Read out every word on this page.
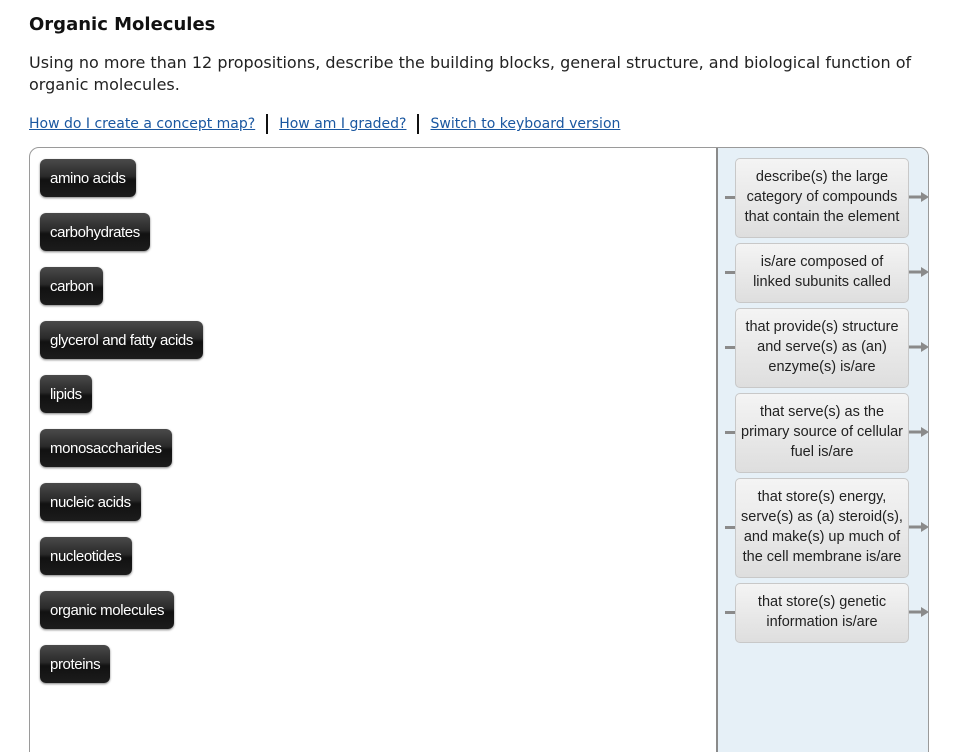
Organic Molecules
Using no more than 12 propositions, describe the building blocks, general structure, and biological function of organic molecules.
How do I create a concept map? How am I graded? Switch to keyboard version
amino acids
carbohydrates
carbon
glycerol and fatty acids
lipids
monosaccharides
nucleic acids
nucleotides
organic molecules
proteins
describe(s) the large category of compounds that contain the element
is/are composed of linked subunits called
that provide(s) structure and serve(s) as (an) enzyme(s) is/are
that serve(s) as the primary source of cellular fuel is/are
that store(s) energy, serve(s) as (a) steroid(s), and make(s) up much of the cell membrane is/are
that store(s) genetic information is/are
